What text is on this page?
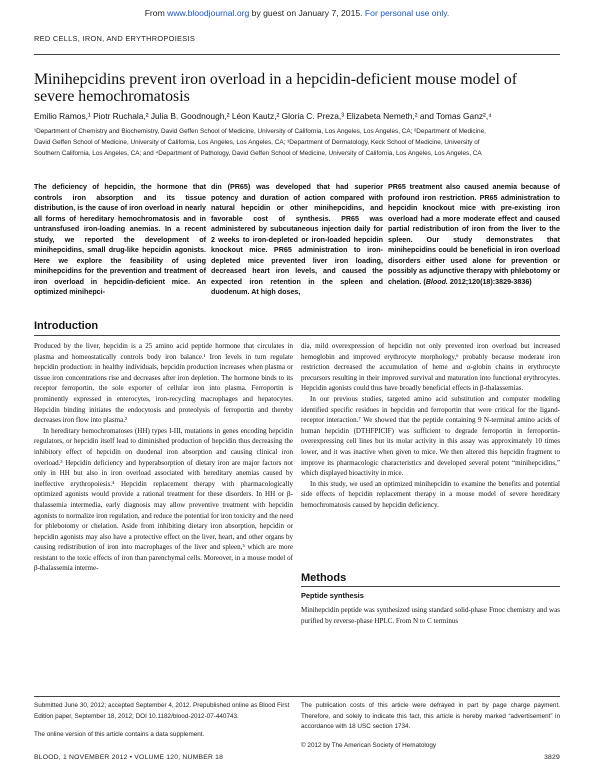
From www.bloodjournal.org by guest on January 7, 2015. For personal use only.
RED CELLS, IRON, AND ERYTHROPOIESIS
Minihepcidins prevent iron overload in a hepcidin-deficient mouse model of
severe hemochromatosis
Emilio Ramos,¹ Piotr Ruchala,² Julia B. Goodnough,² Léon Kautz,² Gloria C. Preza,³ Elizabeta Nemeth,² and Tomas Ganz²,⁴
¹Department of Chemistry and Biochemistry, David Geffen School of Medicine, University of California, Los Angeles, Los Angeles, CA; ²Department of Medicine,
David Geffen School of Medicine, University of California, Los Angeles, Los Angeles, CA; ³Department of Dermatology, Keck School of Medicine, University of
Southern California, Los Angeles, CA; and ⁴Department of Pathology, David Geffen School of Medicine, University of California, Los Angeles, Los Angeles, CA

The deficiency of hepcidin, the hormone that controls iron absorption and its tissue distribution, is the cause of iron overload in nearly all forms of hereditary hemochromatosis and in untransfused iron-loading anemias. In a recent study, we reported the development of minihepcidins, small drug-like hepcidin agonists. Here we explore the feasibility of using minihepcidins for the prevention and treatment of iron overload in hepcidin-deficient mice. An optimized minihepci-

din (PR65) was developed that had superior potency and duration of action compared with natural hepcidin or other minihepcidins, and favorable cost of synthesis. PR65 was administered by subcutaneous injection daily for 2 weeks to iron-depleted or iron-loaded hepcidin knockout mice. PR65 administration to iron-depleted mice prevented liver iron loading, decreased heart iron levels, and caused the expected iron retention in the spleen and duodenum. At high doses,

PR65 treatment also caused anemia because of profound iron restriction. PR65 administration to hepcidin knockout mice with pre-existing iron overload had a more moderate effect and caused partial redistribution of iron from the liver to the spleen. Our study demonstrates that minihepcidins could be beneficial in iron overload disorders either used alone for prevention or possibly as adjunctive therapy with phlebotomy or chelation. (Blood. 2012;120(18):3829-3836)

Introduction

Produced by the liver, hepcidin is a 25 amino acid peptide hormone that circulates in plasma and homeostatically controls body iron balance.¹ Iron levels in turn regulate hepcidin production: in healthy individuals, hepcidin production increases when plasma or tissue iron concentrations rise and decreases after iron depletion. The hormone binds to its receptor ferroportin, the sole exporter of cellular iron into plasma. Ferroportin is prominently expressed in enterocytes, iron-recycling macrophages and hepatocytes. Hepcidin binding initiates the endocytosis and proteolysis of ferroportin and thereby decreases iron flow into plasma.²

In hereditary hemochromatoses (HH) types I-III, mutations in genes encoding hepcidin regulators, or hepcidin itself lead to diminished production of hepcidin thus decreasing the inhibitory effect of hepcidin on duodenal iron absorption and causing clinical iron overload.³ Hepcidin deficiency and hyperabsorption of dietary iron are major factors not only in HH but also in iron overload associated with hereditary anemias caused by ineffective erythropoiesis.⁴ Hepcidin replacement therapy with pharmacologically optimized agonists would provide a rational treatment for these disorders. In HH or β-thalassemia intermedia, early diagnosis may allow preventive treatment with hepcidin agonists to normalize iron regulation, and reduce the potential for iron toxicity and the need for phlebotomy or chelation. Aside from inhibiting dietary iron absorption, hepcidin or hepcidin agonists may also have a protective effect on the liver, heart, and other organs by causing redistribution of iron into macrophages of the liver and spleen,⁵ which are more resistant to the toxic effects of iron than parenchymal cells. Moreover, in a mouse model of β-thalassemia interme-

dia, mild overexpression of hepcidin not only prevented iron overload but increased hemoglobin and improved erythrocyte morphology,⁶ probably because moderate iron restriction decreased the accumulation of heme and α-globin chains in erythrocyte precursors resulting in their improved survival and maturation into functional erythrocytes. Hepcidin agonists could thus have broadly beneficial effects in β-thalassemias.

In our previous studies, targeted amino acid substitution and computer modeling identified specific residues in hepcidin and ferroportin that were critical for the ligand-receptor interaction.⁷ We showed that the peptide containing 9 N-terminal amino acids of human hepcidin (DTHFPICIF) was sufficient to degrade ferroportin in ferroportin-overexpressing cell lines but its molar activity in this assay was approximately 10 times lower, and it was inactive when given to mice. We then altered this hepcidin fragment to improve its pharmacologic characteristics and developed several potent “minihepcidins,” which displayed bioactivity in mice.

In this study, we used an optimized minihepcidin to examine the benefits and potential side effects of hepcidin replacement therapy in a mouse model of severe hereditary hemochromatosis caused by hepcidin deficiency.

Methods
Peptide synthesis

Minihepcidin peptide was synthesized using standard solid-phase Fmoc chemistry and was purified by reverse-phase HPLC. From N to C terminus

Submitted June 30, 2012; accepted September 4, 2012. Prepublished online as Blood First Edition paper, September 18, 2012; DOI 10.1182/blood-2012-07-440743.

The online version of this article contains a data supplement.

The publication costs of this article were defrayed in part by page charge payment. Therefore, and solely to indicate this fact, this article is hereby marked “advertisement” in accordance with 18 USC section 1734.

© 2012 by The American Society of Hematology

BLOOD, 1 NOVEMBER 2012 • VOLUME 120, NUMBER 18	3829
